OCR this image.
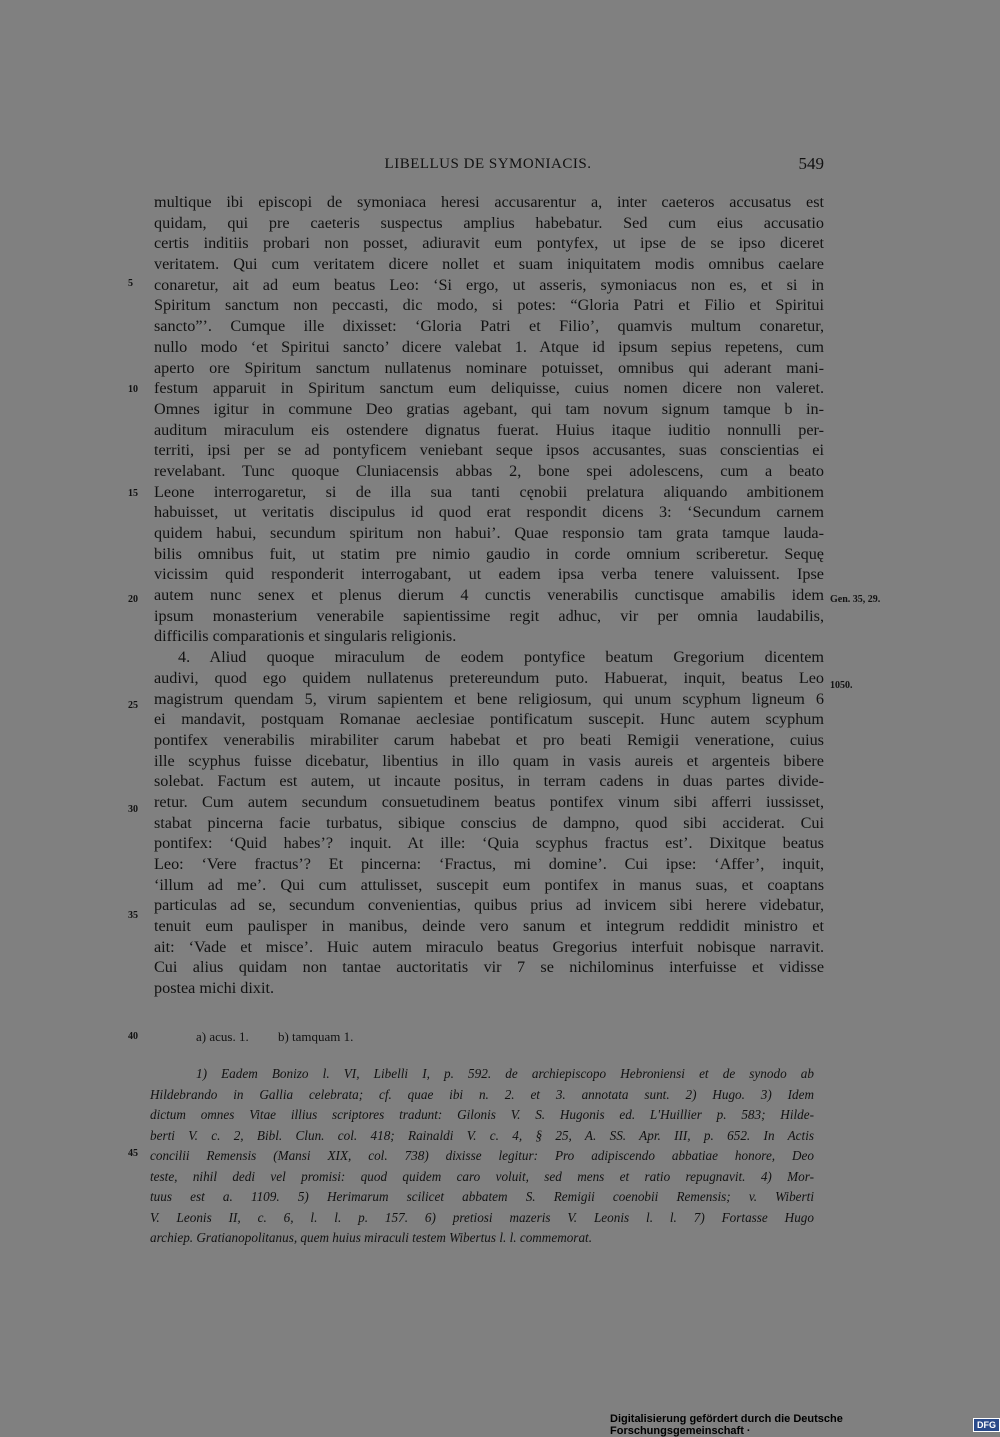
LIBELLUS DE SYMONIACIS.	549
multique ibi episcopi de symoniaca heresi accusarentur a, inter caeteros accusatus est
quidam, qui pre caeteris suspectus amplius habebatur. Sed cum eius accusatio
certis inditiis probari non posset, adiuravit eum pontyfex, ut ipse de se ipso diceret
veritatem. Qui cum veritatem dicere nollet et suam iniquitatem modis omnibus caelare
conaretur, ait ad eum beatus Leo: ‘Si ergo, ut asseris, symoniacus non es, et si in
Spiritum sanctum non peccasti, dic modo, si potes: “Gloria Patri et Filio et Spiritui
sancto”’. Cumque ille dixisset: ‘Gloria Patri et Filio’, quamvis multum conaretur,
nullo modo ‘et Spiritui sancto’ dicere valebat 1. Atque id ipsum sepius repetens, cum
aperto ore Spiritum sanctum nullatenus nominare potuisset, omnibus qui aderant mani-
festum apparuit in Spiritum sanctum eum deliquisse, cuius nomen dicere non valeret.
Omnes igitur in commune Deo gratias agebant, qui tam novum signum tamque b in-
auditum miraculum eis ostendere dignatus fuerat. Huius itaque iuditio nonnulli per-
territi, ipsi per se ad pontyficem veniebant seque ipsos accusantes, suas conscientias ei
revelabant. Tunc quoque Cluniacensis abbas 2, bone spei adolescens, cum a beato
Leone interrogaretur, si de illa sua tanti cęnobii prelatura aliquando ambitionem
habuisset, ut veritatis discipulus id quod erat respondit dicens 3: ‘Secundum carnem
quidem habui, secundum spiritum non habui’. Quae responsio tam grata tamque lauda-
bilis omnibus fuit, ut statim pre nimio gaudio in corde omnium scriberetur. Sequę
vicissim quid responderit interrogabant, ut eadem ipsa verba tenere valuissent. Ipse
autem nunc senex et plenus dierum 4 cunctis venerabilis cunctisque amabilis idem
ipsum monasterium venerabile sapientissime regit adhuc, vir per omnia laudabilis,
difficilis comparationis et singularis religionis.
4. Aliud quoque miraculum de eodem pontyfice beatum Gregorium dicentem
audivi, quod ego quidem nullatenus pretereundum puto. Habuerat, inquit, beatus Leo
magistrum quendam 5, virum sapientem et bene religiosum, qui unum scyphum ligneum 6
ei mandavit, postquam Romanae aeclesiae pontificatum suscepit. Hunc autem scyphum
pontifex venerabilis mirabiliter carum habebat et pro beati Remigii veneratione, cuius
ille scyphus fuisse dicebatur, libentius in illo quam in vasis aureis et argenteis bibere
solebat. Factum est autem, ut incaute positus, in terram cadens in duas partes divide-
retur. Cum autem secundum consuetudinem beatus pontifex vinum sibi afferri iussisset,
stabat pincerna facie turbatus, sibique conscius de dampno, quod sibi acciderat. Cui
pontifex: ‘Quid habes’? inquit. At ille: ‘Quia scyphus fractus est’. Dixitque beatus
Leo: ‘Vere fractus’? Et pincerna: ‘Fractus, mi domine’. Cui ipse: ‘Affer’, inquit,
‘illum ad me’. Qui cum attulisset, suscepit eum pontifex in manus suas, et coaptans
particulas ad se, secundum convenientias, quibus prius ad invicem sibi herere videbatur,
tenuit eum paulisper in manibus, deinde vero sanum et integrum reddidit ministro et
ait: ‘Vade et misce’. Huic autem miraculo beatus Gregorius interfuit nobisque narravit.
Cui alius quidam non tantae auctoritatis vir 7 se nichilominus interfuisse et vidisse
postea michi dixit.
5
10
15
20
25
30
35
40
45
Gen. 35, 29.
1050.
a) acus. 1. b) tamquam 1.
1) Eadem Bonizo l. VI, Libelli I, p. 592. de archiepiscopo Hebroniensi et de synodo ab
Hildebrando in Gallia celebrata; cf. quae ibi n. 2. et 3. annotata sunt. 2) Hugo. 3) Idem
dictum omnes Vitae illius scriptores tradunt: Gilonis V. S. Hugonis ed. L'Huillier p. 583; Hilde-
berti V. c. 2, Bibl. Clun. col. 418; Rainaldi V. c. 4, § 25, A. SS. Apr. III, p. 652. In Actis
concilii Remensis (Mansi XIX, col. 738) dixisse legitur: Pro adipiscendo abbatiae honore, Deo
teste, nihil dedi vel promisi: quod quidem caro voluit, sed mens et ratio repugnavit. 4) Mor-
tuus est a. 1109. 5) Herimarum scilicet abbatem S. Remigii coenobii Remensis; v. Wiberti
V. Leonis II, c. 6, l. l. p. 157. 6) pretiosi mazeris V. Leonis l. l. 7) Fortasse Hugo
archiep. Gratianopolitanus, quem huius miraculi testem Wibertus l. l. commemorat.
Digitalisierung gefördert durch die Deutsche Forschungsgemeinschaft ·	DFG
